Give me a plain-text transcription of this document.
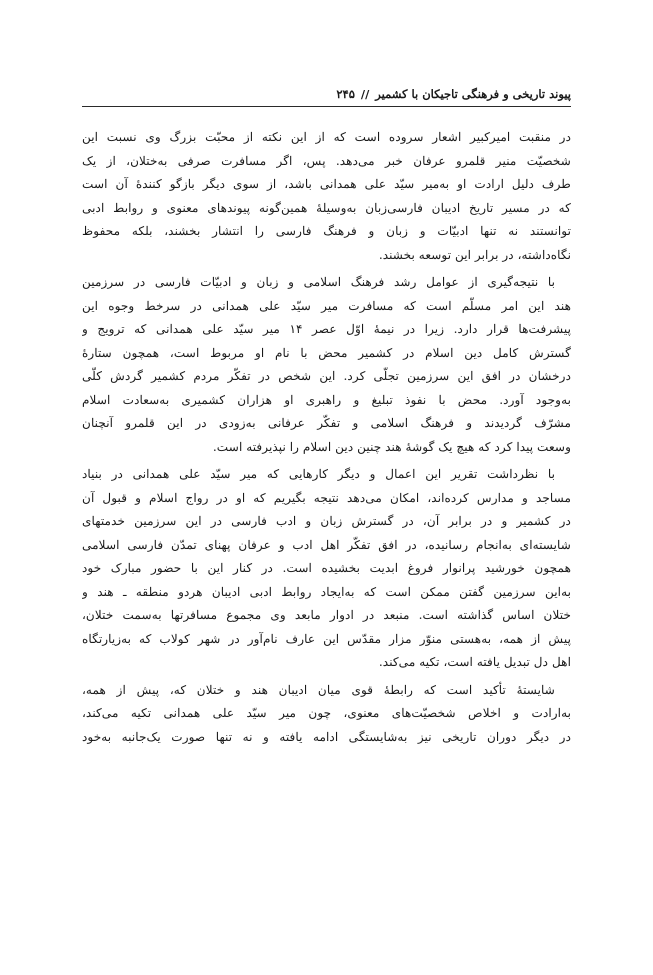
پیوند تاریخی و فرهنگی تاجیکان با کشمیر
//
۲۴۵
در منقبت امیرکبیر اشعار سروده است که از این نکته از محبّت بزرگ وی نسبت این
شخصیّت منیر قلمرو عرفان خبر می‌دهد. پس، اگر مسافرت صرفی به‌ختلان، از یک
طرف دلیل ارادت او به‌میر سیّد علی همدانی باشد، از سوی دیگر بازگو کنندهٔ آن است
که در مسیر تاریخ ادیبان فارسی‌زبان به‌وسیلهٔ همین‌گونه پیوندهای معنوی و روابط ادبی
توانستند نه تنها ادبیّات و زبان و فرهنگ فارسی را انتشار بخشند، بلکه محفوظ
نگاه‌داشته، در برابر این توسعه بخشند.
با نتیجه‌گیری از عوامل رشد فرهنگ اسلامی و زبان و ادبیّات فارسی در سرزمین
هند این امر مسلّم است که مسافرت میر سیّد علی همدانی در سرخط وجوه این
پیشرفت‌ها قرار دارد. زیرا در نیمهٔ اوّل عصر ۱۴ میر سیّد علی همدانی که ترویج و
گسترش کامل دین اسلام در کشمیر محض با نام او مربوط است، همچون ستارهٔ
درخشان در افق این سرزمین تجلّی کرد. این شخص در تفکّر مردم کشمیر گردش کلّی
به‌وجود آورد. محض با نفوذ تبلیغ و راهبری او هزاران کشمیری به‌سعادت اسلام
مشرّف گردیدند و فرهنگ اسلامی و تفکّر عرفانی به‌زودی در این قلمرو آنچنان
وسعت پیدا کرد که هیچ یک گوشهٔ هند چنین دین اسلام را نپذیرفته است.
با نظرداشت تقریر این اعمال و دیگر کارهایی که میر سیّد علی همدانی در بنیاد
مساجد و مدارس کرده‌اند، امکان می‌دهد نتیجه بگیریم که او در رواج اسلام و قبول آن
در کشمیر و در برابر آن، در گسترش زبان و ادب فارسی در این سرزمین خدمتهای
شایسته‌ای به‌انجام رسانیده، در افق تفکّر اهل ادب و عرفان پهنای تمدّن فارسی اسلامی
همچون خورشید پرانوار فروغ ابدیت بخشیده است. در کنار این با حضور مبارک خود
به‌این سرزمین گفتن ممکن است که به‌ایجاد روابط ادبی ادیبان هردو منطقه ـ هند و
ختلان اساس گذاشته است. منبعد در ادوار مابعد وی مجموع مسافرتها به‌سمت ختلان،
پیش از همه، به‌هستی منوّر مزار مقدّس این عارف نام‌آور در شهر کولاب که به‌زیارتگاه
اهل دل تبدیل یافته است، تکیه می‌کند.
شایستهٔ تأکید است که رابطهٔ قوی میان ادیبان هند و ختلان که، پیش از همه،
به‌ارادت و اخلاص شخصیّت‌های معنوی، چون میر سیّد علی همدانی تکیه می‌کند،
در دیگر دوران تاریخی نیز به‌شایستگی ادامه یافته و نه تنها صورت یک‌جانبه به‌خود
